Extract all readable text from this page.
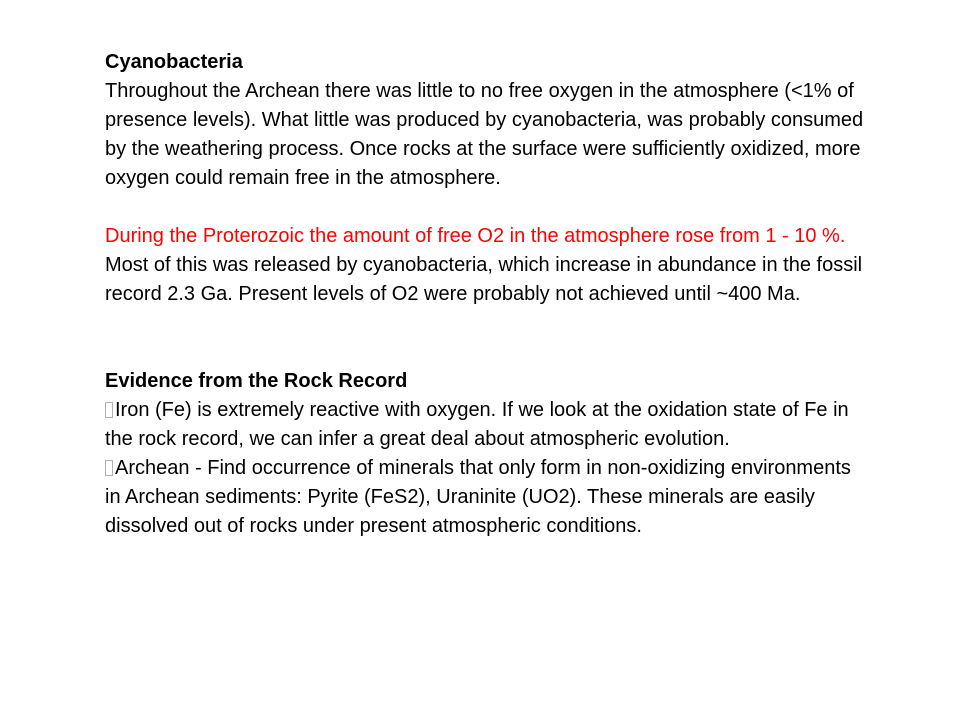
Cyanobacteria

Throughout the Archean there was little to no free oxygen in the atmosphere (<1% of presence levels). What little was produced by cyanobacteria, was probably consumed by the weathering process. Once rocks at the surface were sufficiently oxidized, more oxygen could remain free in the atmosphere.

During the Proterozoic the amount of free O2 in the atmosphere rose from 1 - 10 %. Most of this was released by cyanobacteria, which increase in abundance in the fossil record 2.3 Ga. Present levels of O2 were probably not achieved until ~400 Ma.

Evidence from the Rock Record

Iron (Fe) is extremely reactive with oxygen. If we look at the oxidation state of Fe in the rock record, we can infer a great deal about atmospheric evolution.

Archean - Find occurrence of minerals that only form in non-oxidizing environments in Archean sediments: Pyrite (FeS2), Uraninite (UO2). These minerals are easily dissolved out of rocks under present atmospheric conditions.
